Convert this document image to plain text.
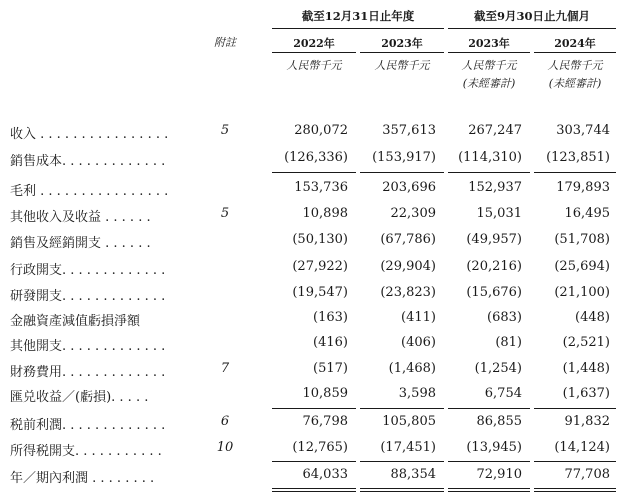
截至12月31日止年度	截至9月30日止九個月
附註	2022年	2023年	2023年	2024年
人民幣千元	人民幣千元	人民幣千元	人民幣千元
(未經審計)	(未經審計)
收入 . . . . . . . . . . . . . . . .	5	280,072	357,613 267,247	303,744
銷售成本. . . . . . . . . . . . .	(126,336) (153,917) (114,310) (123,851)
毛利 . . . . . . . . . . . . . . . .	153,736	203,696 152,937	179,893
其他收入及收益 . . . . . .	5	10,898	22,309	15,031	16,495
銷售及經銷開支 . . . . . .	(50,130) (67,786) (49,957) (51,708)
行政開支. . . . . . . . . . . . .	(27,922) (29,904) (20,216) (25,694)
研發開支. . . . . . . . . . . . .	(19,547) (23,823) (15,676) (21,100)
金融資產減值虧損淨額	(163)	(411)	(683)	(448)
其他開支. . . . . . . . . . . . .	(416)	(406)	(81)	(2,521)
財務費用. . . . . . . . . . . . .	7	(517)	(1,468)	(1,254)	(1,448)
匯兑收益／(虧損). . . . .	10,859	3,598	6,754	(1,637)
税前利潤. . . . . . . . . . . . .	6	76,798	105,805	86,855	91,832
所得税開支. . . . . . . . . . .	10	(12,765) (17,451) (13,945) (14,124)
年／期內利潤 . . . . . . . .	64,033	88,354	72,910	77,708
